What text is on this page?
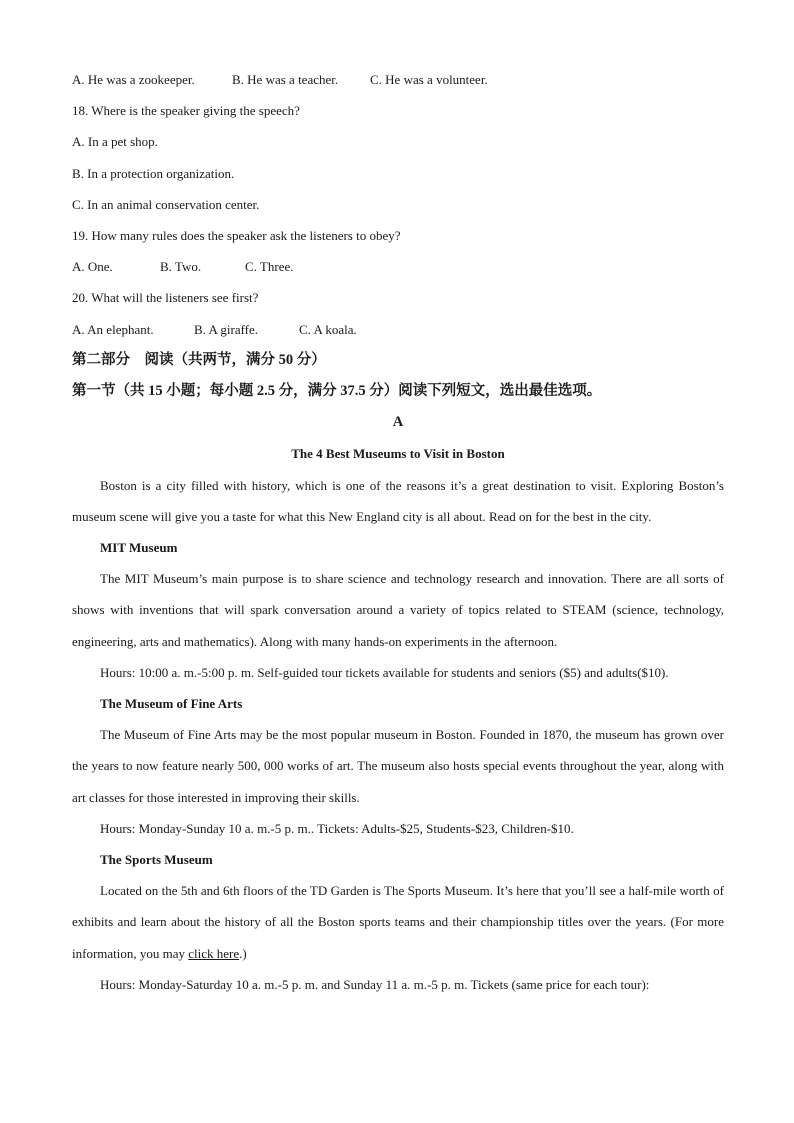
A. He was a zookeeper.	B. He was a teacher. C. He was a volunteer.
18. Where is the speaker giving the speech?
A. In a pet shop.
B. In a protection organization.
C. In an animal conservation center.
19. How many rules does the speaker ask the listeners to obey?
A. One.	B. Two.	C. Three.
20. What will the listeners see first?
A. An elephant.	B. A giraffe.	C. A koala.
第二部分　阅读（共两节，满分 50 分）
第一节（共 15 小题；每小题 2.5 分，满分 37.5 分）阅读下列短文，选出最佳选项。
A
The 4 Best Museums to Visit in Boston
Boston is a city filled with history, which is one of the reasons it’s a great destination to visit. Exploring Boston’s museum scene will give you a taste for what this New England city is all about. Read on for the best in the city.
MIT Museum
The MIT Museum’s main purpose is to share science and technology research and innovation. There are all sorts of shows with inventions that will spark conversation around a variety of topics related to STEAM (science, technology, engineering, arts and mathematics). Along with many hands-on experiments in the afternoon.
Hours: 10:00 a. m.-5:00 p. m. Self-guided tour tickets available for students and seniors ($5) and adults($10).
The Museum of Fine Arts
The Museum of Fine Arts may be the most popular museum in Boston. Founded in 1870, the museum has grown over the years to now feature nearly 500, 000 works of art. The museum also hosts special events throughout the year, along with art classes for those interested in improving their skills.
Hours: Monday-Sunday 10 a. m.-5 p. m.. Tickets: Adults-$25, Students-$23, Children-$10.
The Sports Museum
Located on the 5th and 6th floors of the TD Garden is The Sports Museum. It’s here that you’ll see a half-mile worth of exhibits and learn about the history of all the Boston sports teams and their championship titles over the years. (For more information, you may click here.)
Hours: Monday-Saturday 10 a. m.-5 p. m. and Sunday 11 a. m.-5 p. m. Tickets (same price for each tour):
